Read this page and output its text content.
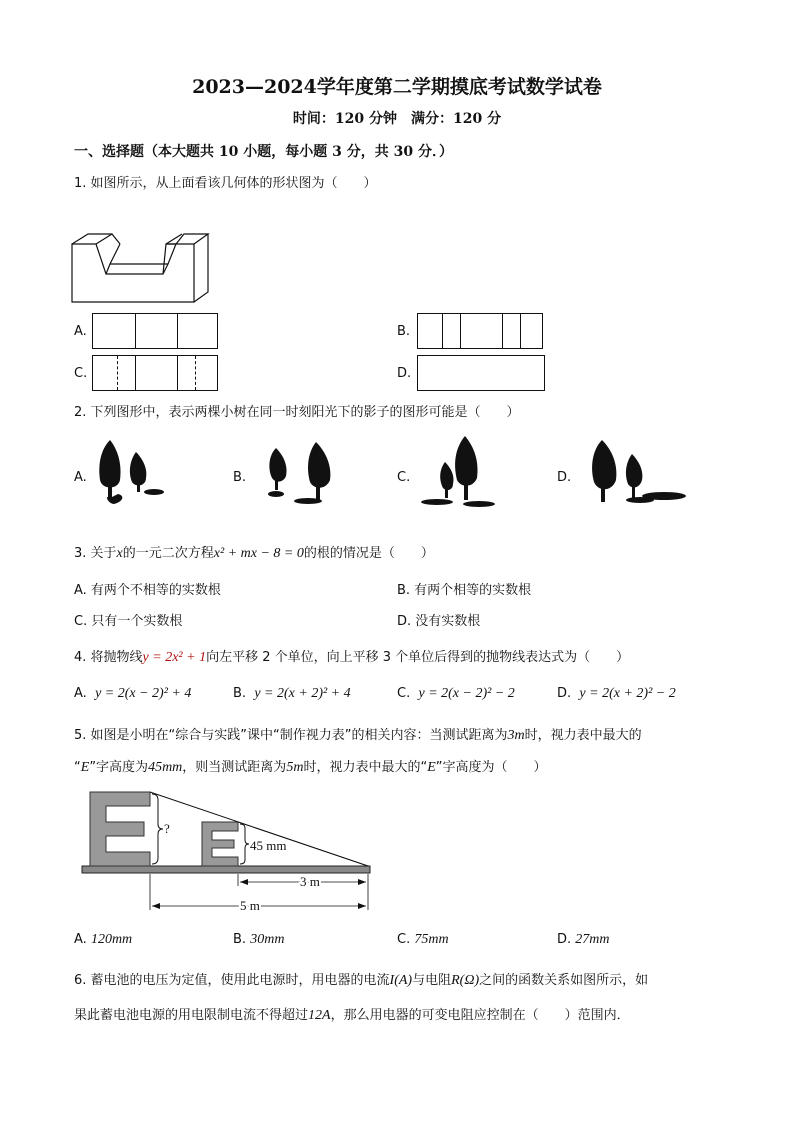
2023—2024学年度第二学期摸底考试数学试卷
时间：120 分钟　满分：120 分
一、选择题（本大题共 10 小题，每小题 3 分，共 30 分．）
1. 如图所示，从上面看该几何体的形状图为（　　）
A.	B.
C.	D.
2. 下列图形中，表示两棵小树在同一时刻阳光下的影子的图形可能是（　　）
A.	B.	C.	D.
3. 关于x的一元二次方程x² + mx − 8 = 0的根的情况是（　　）
A. 有两个不相等的实数根	B. 有两个相等的实数根
C. 只有一个实数根	D. 没有实数根
4. 将抛物线y = 2x² + 1向左平移 2 个单位，向上平移 3 个单位后得到的抛物线表达式为（　　）
A. y = 2(x − 2)² + 4	B. y = 2(x + 2)² + 4	C. y = 2(x − 2)² − 2	D. y = 2(x + 2)² − 2
5. 如图是小明在“综合与实践”课中“制作视力表”的相关内容：当测试距离为3m时，视力表中最大的
“E”字高度为45mm，则当测试距离为5m时，视力表中最大的“E”字高度为（　　）
?
45 mm
3 m
5 m
A. 120mm	B. 30mm	C. 75mm	D. 27mm
6. 蓄电池的电压为定值，使用此电源时，用电器的电流I(A)与电阻R(Ω)之间的函数关系如图所示，如
果此蓄电池电源的用电限制电流不得超过12A，那么用电器的可变电阻应控制在（　　）范围内．
